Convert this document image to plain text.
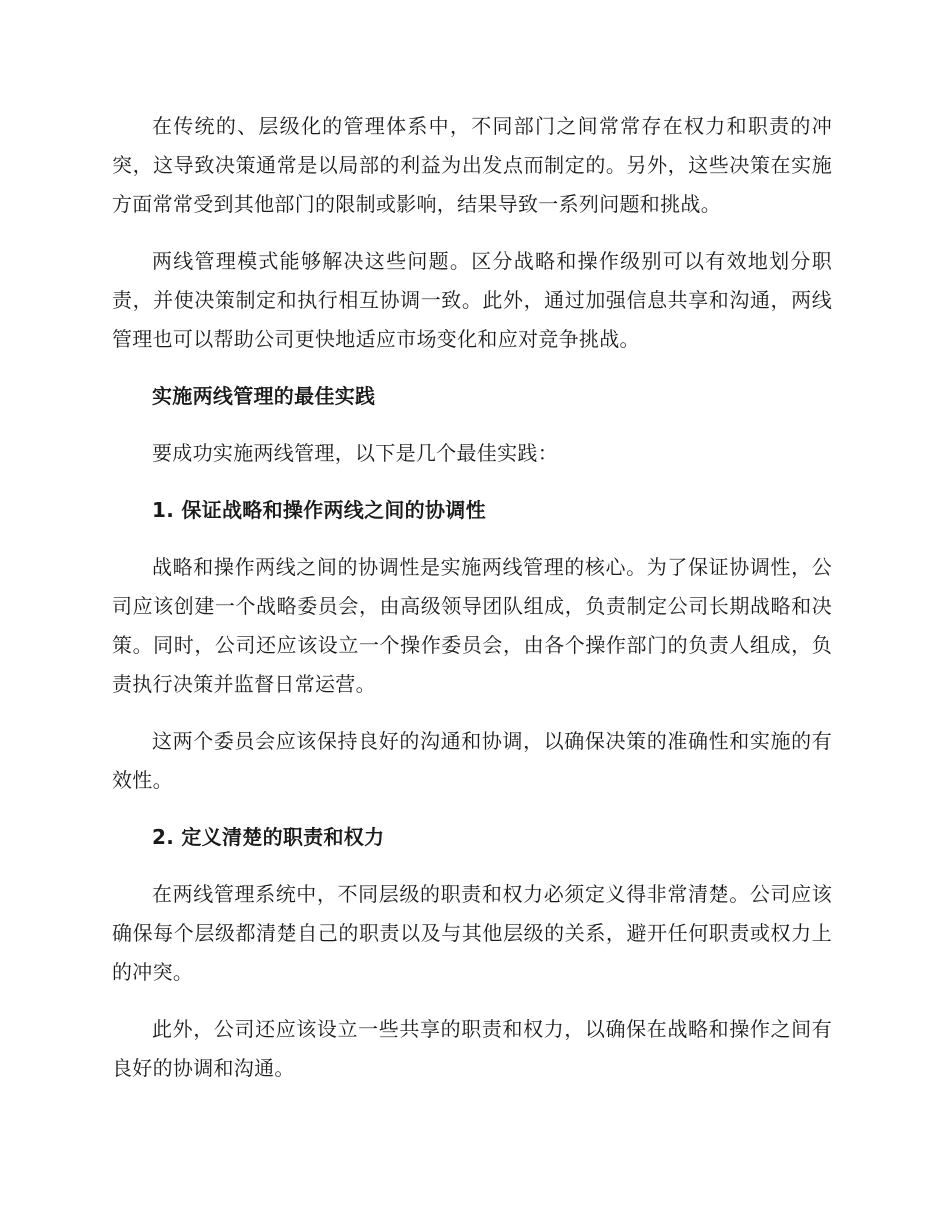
在传统的、层级化的管理体系中，不同部门之间常常存在权力和职责的冲突，这导致决策通常是以局部的利益为出发点而制定的。另外，这些决策在实施方面常常受到其他部门的限制或影响，结果导致一系列问题和挑战。

两线管理模式能够解决这些问题。区分战略和操作级别可以有效地划分职责，并使决策制定和执行相互协调一致。此外，通过加强信息共享和沟通，两线管理也可以帮助公司更快地适应市场变化和应对竞争挑战。

实施两线管理的最佳实践

要成功实施两线管理，以下是几个最佳实践：

1. 保证战略和操作两线之间的协调性

战略和操作两线之间的协调性是实施两线管理的核心。为了保证协调性，公司应该创建一个战略委员会，由高级领导团队组成，负责制定公司长期战略和决策。同时，公司还应该设立一个操作委员会，由各个操作部门的负责人组成，负责执行决策并监督日常运营。

这两个委员会应该保持良好的沟通和协调，以确保决策的准确性和实施的有效性。

2. 定义清楚的职责和权力

在两线管理系统中，不同层级的职责和权力必须定义得非常清楚。公司应该确保每个层级都清楚自己的职责以及与其他层级的关系，避开任何职责或权力上的冲突。

此外，公司还应该设立一些共享的职责和权力，以确保在战略和操作之间有良好的协调和沟通。
